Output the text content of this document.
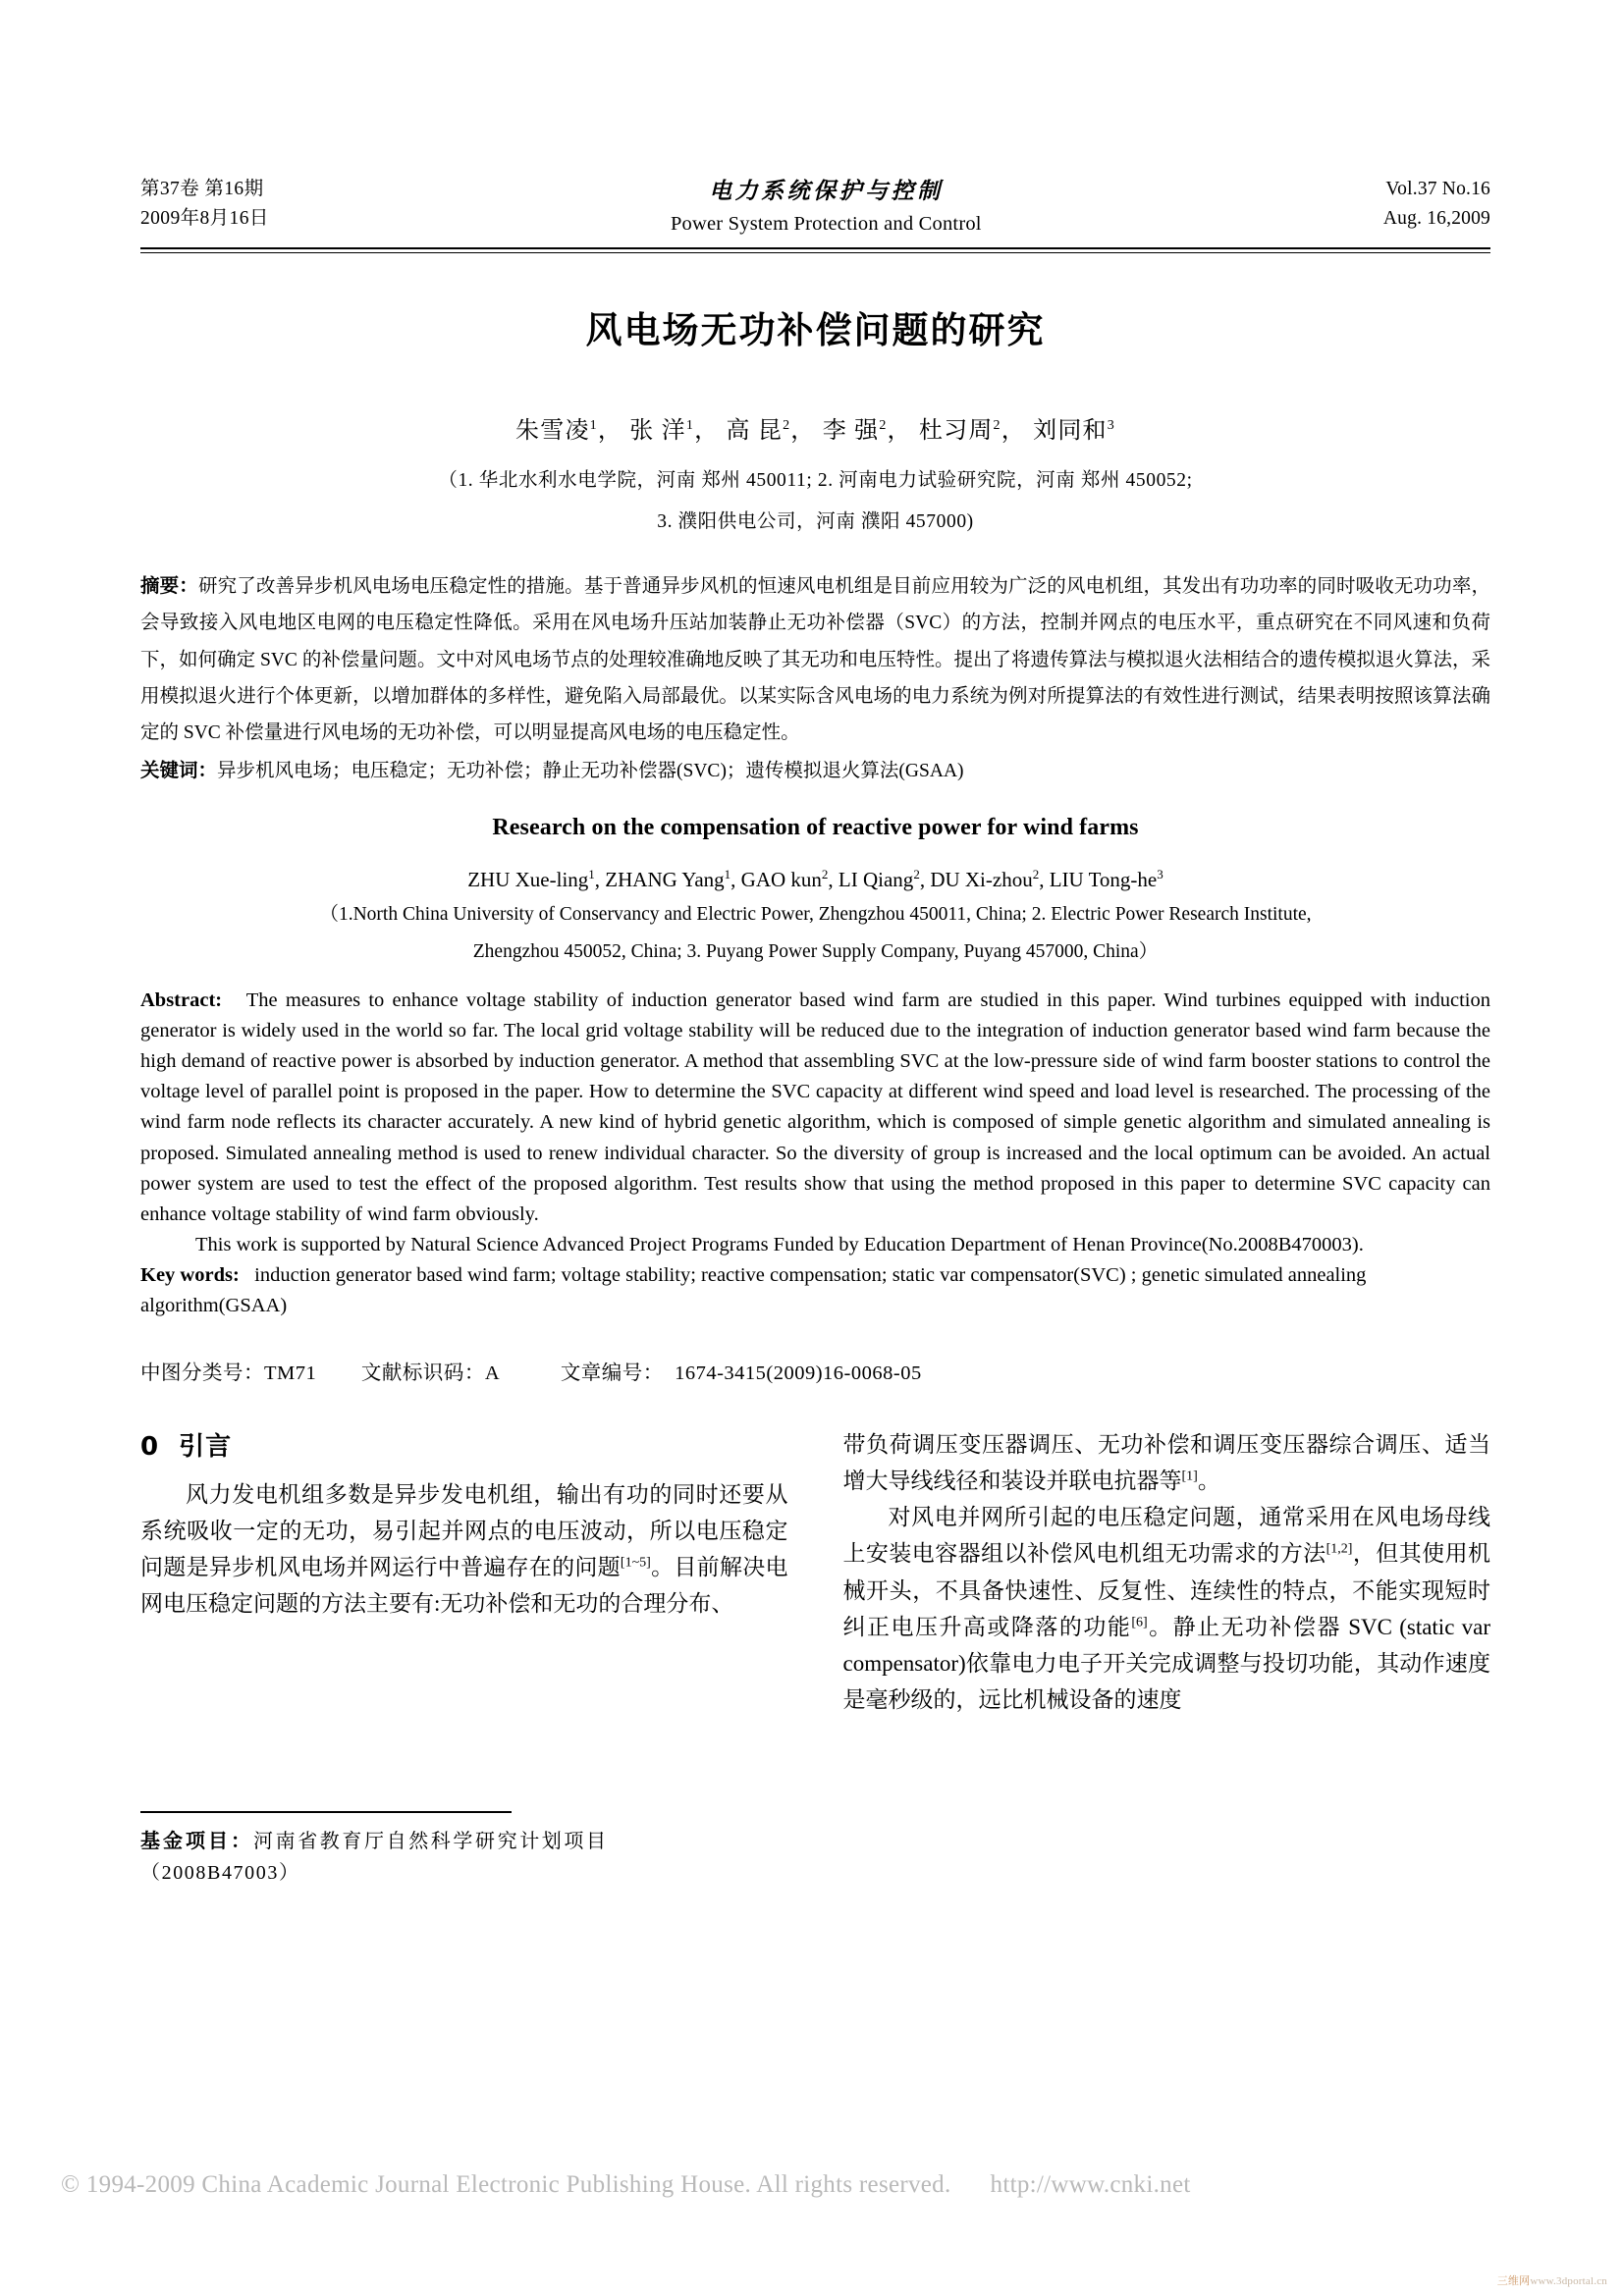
第37卷 第16期
2009年8月16日
电力系统保护与控制
Power System Protection and Control
Vol.37 No.16
Aug. 16,2009
风电场无功补偿问题的研究
朱雪凌$^1$， 张 洋$^1$， 高 昆$^2$， 李 强$^2$， 杜习周$^2$， 刘同和$^3$
（1. 华北水利水电学院，河南 郑州 450011; 2. 河南电力试验研究院，河南 郑州 450052;
3. 濮阳供电公司，河南 濮阳 457000)
摘要：研究了改善异步机风电场电压稳定性的措施。基于普通异步风机的恒速风电机组是目前应用较为广泛的风电机组，其发出有功功率的同时吸收无功功率，会导致接入风电地区电网的电压稳定性降低。采用在风电场升压站加装静止无功补偿器（SVC）的方法，控制并网点的电压水平，重点研究在不同风速和负荷下，如何确定 SVC 的补偿量问题。文中对风电场节点的处理较准确地反映了其无功和电压特性。提出了将遗传算法与模拟退火法相结合的遗传模拟退火算法，采用模拟退火进行个体更新，以增加群体的多样性，避免陷入局部最优。以某实际含风电场的电力系统为例对所提算法的有效性进行测试，结果表明按照该算法确定的 SVC 补偿量进行风电场的无功补偿，可以明显提高风电场的电压稳定性。
关键词：异步机风电场；电压稳定；无功补偿；静止无功补偿器(SVC)；遗传模拟退火算法(GSAA)
Research on the compensation of reactive power for wind farms
ZHU Xue-ling$^1$, ZHANG Yang$^1$, GAO kun$^2$, LI Qiang$^2$, DU Xi-zhou$^2$, LIU Tong-$he^3$
（1.North China University of Conservancy and Electric Power, Zhengzhou 450011, China; 2. Electric Power Research Institute,
Zhengzhou 450052, China; 3. Puyang Power Supply Company, Puyang 457000, China）
Abstract: The measures to enhance voltage stability of induction generator based wind farm are studied in this paper. Wind turbines equipped with induction generator is widely used in the world so far. The local grid voltage stability will be reduced due to the integration of induction generator based wind farm because the high demand of reactive power is absorbed by induction generator. A method that assembling SVC at the low-pressure side of wind farm booster stations to control the voltage level of parallel point is proposed in the paper. How to determine the SVC capacity at different wind speed and load level is researched. The processing of the wind farm node reflects its character accurately. A new kind of hybrid genetic algorithm, which is composed of simple genetic algorithm and simulated annealing is proposed. Simulated annealing method is used to renew individual character. So the diversity of group is increased and the local optimum can be avoided. An actual power system are used to test the effect of the proposed algorithm. Test results show that using the method proposed in this paper to determine SVC capacity can enhance voltage stability of wind farm obviously.
This work is supported by Natural Science Advanced Project Programs Funded by Education Department of Henan Province(No.2008B470003).
Key words: induction generator based wind farm; voltage stability; reactive compensation; static var compensator(SVC) ; genetic simulated annealing algorithm(GSAA)
中图分类号：TM71 文献标识码：A	文章编号： 1674-3415(2009)16-0068-05
0 引言
风力发电机组多数是异步发电机组，输出有功的同时还要从系统吸收一定的无功，易引起并网点的电压波动，所以电压稳定问题是异步机风电场并网运行中普遍存在的问题[1~5]。目前解决电网电压稳定问题的方法主要有:无功补偿和无功的合理分布、
基金项目：河南省教育厅自然科学研究计划项目
（2008B47003）
带负荷调压变压器调压、无功补偿和调压变压器综合调压、适当增大导线线径和装设并联电抗器等[1]。
对风电并网所引起的电压稳定问题，通常采用在风电场母线上安装电容器组以补偿风电机组无功需求的方法[1,2]，但其使用机械开头，不具备快速性、反复性、连续性的特点，不能实现短时纠正电压升高或降落的功能[6]。静止无功补偿器 SVC (static var compensator)依靠电力电子开关完成调整与投切功能，其动作速度是毫秒级的，远比机械设备的速度
© 1994-2009 China Academic Journal Electronic Publishing House. All rights reserved. http://www.cnki.net
三维网www.3dportal.cn
